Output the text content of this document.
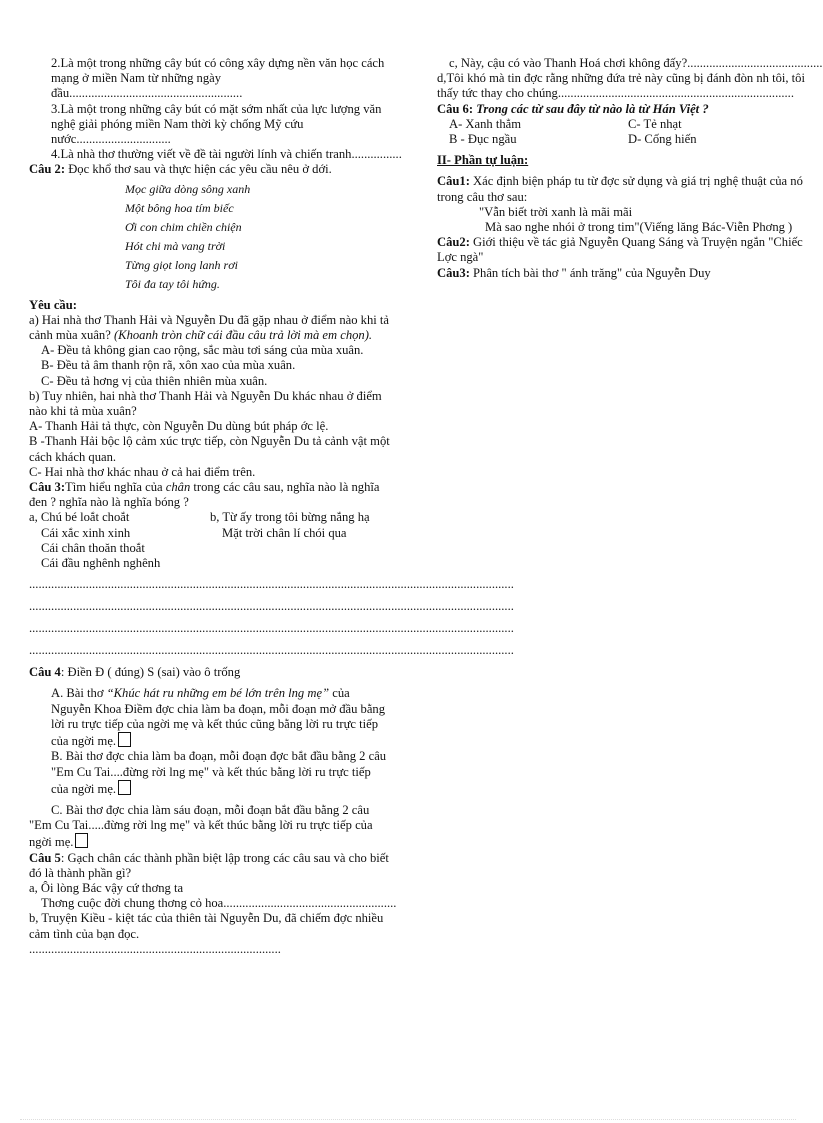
2.Là một trong những cây bút có công xây dựng nền văn học cách mạng ở miền Nam từ những ngày đầu.......................................................

3.Là một trong những cây bút có mặt sớm nhất của lực lượng văn nghệ giải phóng miền Nam thời kỳ chống Mỹ cứu nước..............................

4.Là nhà thơ thường viết về đề tài người lính và chiến tranh................

Câu 2: Đọc khổ thơ sau và thực hiện các yêu cầu nêu ở dới.

Mọc giữa dòng sông xanh
Một bông hoa tím biếc
Ơi con chim chiền chiện
Hót chi mà vang trời
Từng giọt long lanh rơi
Tôi đa tay tôi hứng.

Yêu cầu:

a) Hai nhà thơ Thanh Hải và Nguyễn Du đã gặp nhau ở điểm nào khi tả cảnh mùa xuân? (Khoanh tròn chữ cái đầu câu trả lời mà em chọn).

A- Đều tả không gian cao rộng, sắc màu tơi sáng của mùa xuân.

B- Đều tả âm thanh rộn rã, xôn xao của mùa xuân.

C- Đều tả hơng vị của thiên nhiên mùa xuân.

b) Tuy nhiên, hai nhà thơ Thanh Hải và Nguyễn Du khác nhau ở điểm nào khi tả mùa xuân?

A- Thanh Hải tả thực, còn Nguyễn Du dùng bút pháp ớc lệ.

B -Thanh Hải bộc lộ cảm xúc trực tiếp, còn Nguyễn Du tả cảnh vật một cách khách quan.

C- Hai nhà thơ khác nhau ở cả hai điểm trên.

Câu 3:Tìm hiểu nghĩa của chân trong các câu sau, nghĩa nào là nghĩa đen ? nghĩa nào là nghĩa bóng ?

a, Chú bé loắt choắt
Cái xắc xinh xinh
Cái chân thoăn thoắt
Cái đầu nghênh nghênh
b, Từ ấy trong tôi bừng nắng hạ
Mặt trời chân lí chói qua
..........................................................................................................................................................
..........................................................................................................................................................
..........................................................................................................................................................
..........................................................................................................................................................

Câu 4: Điền Đ ( đúng) S (sai) vào ô trống

A. Bài thơ “Khúc hát ru những em bé lớn trên lng mẹ” của Nguyễn Khoa Điềm đợc chia làm ba đoạn, mỗi đoạn mở đầu bằng lời ru trực tiếp của ngời mẹ và kết thúc cũng bằng lời ru trực tiếp của ngời mẹ.

B. Bài thơ đợc chia làm ba đoạn, mỗi đoạn đợc bắt đầu bằng 2 câu "Em Cu Tai....đừng rời lng mẹ" và kết thúc bằng lời ru trực tiếp của ngời mẹ.

C. Bài thơ đợc chia làm sáu đoạn, mỗi đoạn bắt đầu bằng 2 câu

"Em Cu Tai.....đừng rời lng mẹ" và kết thúc bằng lời ru trực tiếp của ngời mẹ.

Câu 5: Gạch chân các thành phần biệt lập trong các câu sau và cho biết đó là thành phần gì?

a, Ôi lòng Bác vậy cứ thơng ta

Thơng cuộc đời chung thơng cỏ hoa.......................................................

b, Truyện Kiều - kiệt tác của thiên tài Nguyễn Du, đã chiếm đợc nhiều cảm tình của bạn đọc. ................................................................................

c, Này, cậu có vào Thanh Hoá chơi không đấy?...........................................

d,Tôi khó mà tin đợc rằng những đứa trẻ này cũng bị đánh đòn nh tôi, tôi thấy tức thay cho chúng...........................................................................

Câu 6: Trong các từ sau đây từ nào là từ Hán Việt ?

A- Xanh thẳm	C- Tẻ nhạt
B - Đục ngầu	D- Cống hiến

II- Phần tự luận:

Câu1: Xác định biện pháp tu từ đợc sử dụng và giá trị nghệ thuật của nó trong câu thơ sau:

"Vẫn biết trời xanh là mãi mãi

Mà sao nghe nhói ở trong tim"(Viếng lăng Bác-Viễn Phơng )

Câu2: Giới thiệu về tác giả Nguyễn Quang Sáng và Truyện ngắn "Chiếc Lợc ngà"

Câu3: Phân tích bài thơ " ánh trăng" của Nguyễn Duy
